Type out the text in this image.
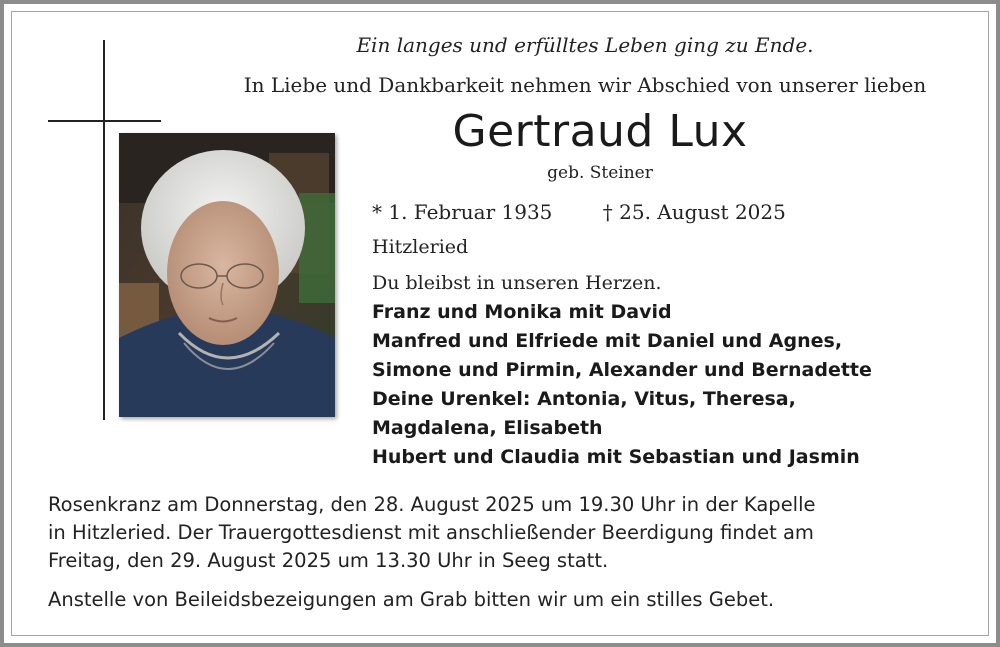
Ein langes und erfülltes Leben ging zu Ende.
In Liebe und Dankbarkeit nehmen wir Abschied von unserer lieben
Gertraud Lux
geb. Steiner
* 1. Februar 1935	† 25. August 2025
Hitzleried
Du bleibst in unseren Herzen.
Franz und Monika mit David
Manfred und Elfriede mit Daniel und Agnes,
Simone und Pirmin, Alexander und Bernadette
Deine Urenkel: Antonia, Vitus, Theresa,
Magdalena, Elisabeth
Hubert und Claudia mit Sebastian und Jasmin
Rosenkranz am Donnerstag, den 28. August 2025 um 19.30 Uhr in der Kapelle
in Hitzleried. Der Trauergottesdienst mit anschließender Beerdigung findet am
Freitag, den 29. August 2025 um 13.30 Uhr in Seeg statt.
Anstelle von Beileidsbezeigungen am Grab bitten wir um ein stilles Gebet.
